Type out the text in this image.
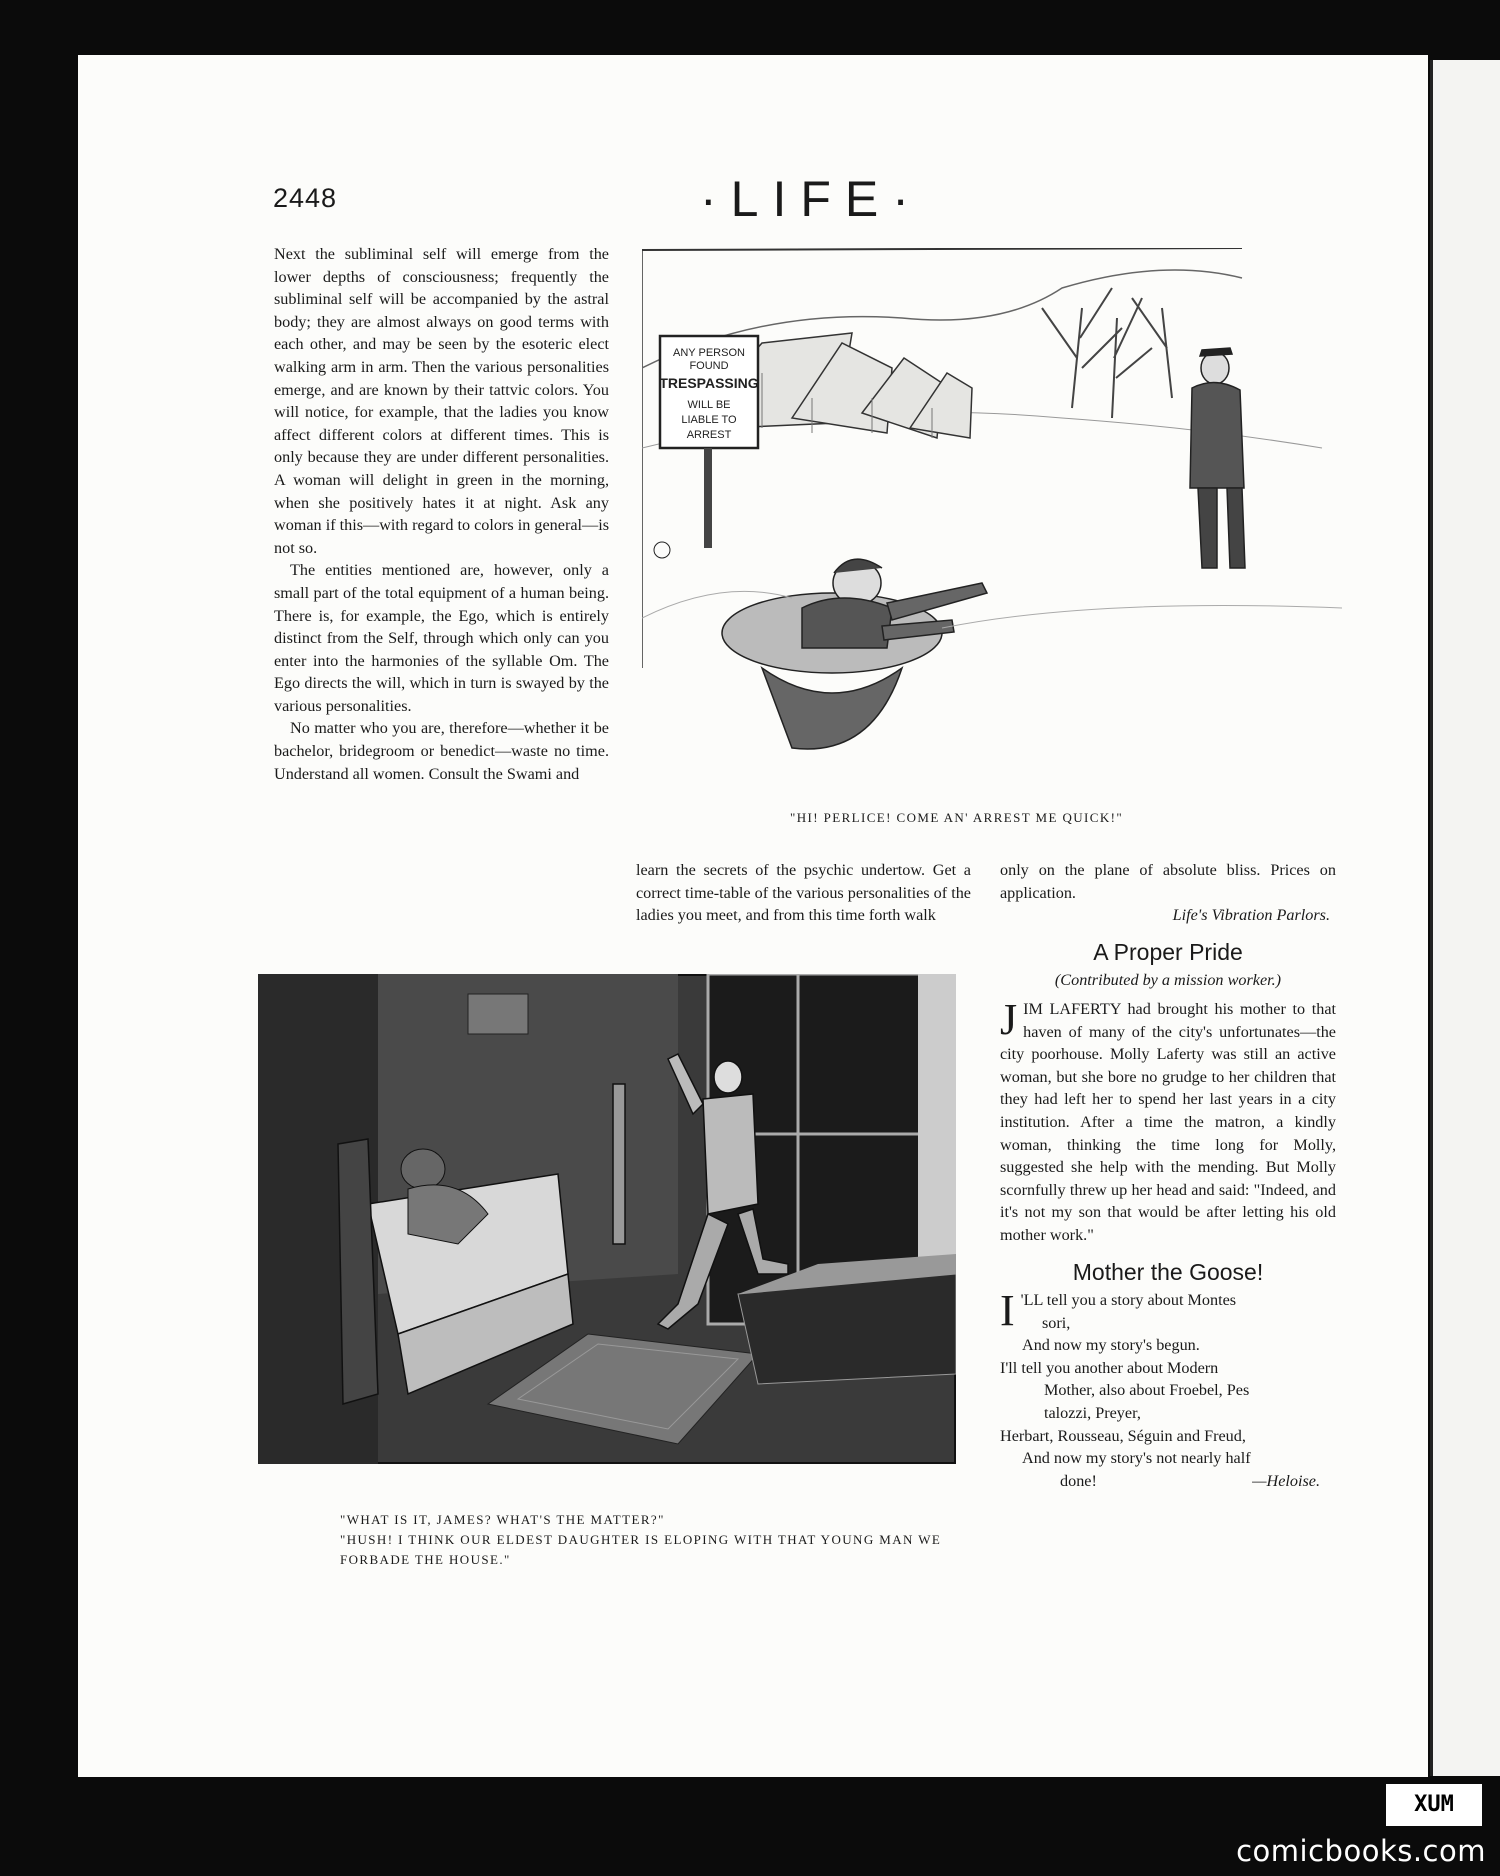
2448	·LIFE·

Next the subliminal self will emerge from the lower depths of consciousness; frequently the subliminal self will be accompanied by the astral body; they are almost always on good terms with each other, and may be seen by the esoteric elect walking arm in arm. Then the various personalities emerge, and are known by their tattvic colors. You will notice, for example, that the ladies you know affect different colors at different times. This is only because they are under different personalities. A woman will delight in green in the morning, when she positively hates it at night. Ask any woman if this—with regard to colors in general—is not so.

The entities mentioned are, however, only a small part of the total equipment of a human being. There is, for example, the Ego, which is entirely distinct from the Self, through which only can you enter into the harmonies of the syllable Om. The Ego directs the will, which in turn is swayed by the various personalities.

No matter who you are, therefore—whether it be bachelor, bridegroom or benedict—waste no time. Understand all women. Consult the Swami and

learn the secrets of the psychic undertow. Get a correct time-table of the various personalities of the ladies you meet, and from this time forth walk

only on the plane of absolute bliss. Prices on application.

Life's Vibration Parlors.
A Proper Pride
(Contributed by a mission worker.)

JIM LAFERTY had brought his mother to that haven of many of the city's unfortunates—the city poorhouse. Molly Laferty was still an active woman, but she bore no grudge to her children that they had left her to spend her last years in a city institution. After a time the matron, a kindly woman, thinking the time long for Molly, suggested she help with the mending. But Molly scornfully threw up her head and said: "Indeed, and it's not my son that would be after letting his old mother work."

Mother the Goose!
I 'LL tell you a story about Montes
sori,
And now my story's begun.
I'll tell you another about Modern
Mother, also about Froebel, Pes
talozzi, Preyer,
Herbart, Rousseau, Séguin and Freud,
And now my story's not nearly half
done!	—Heloise.
ANY PERSON
FOUND
TRESPASSING
WILL BE
LIABLE TO
ARREST
"HI! PERLICE! COME AN' ARREST ME QUICK!"
"WHAT IS IT, JAMES? WHAT'S THE MATTER?"
"HUSH! I THINK OUR ELDEST DAUGHTER IS ELOPING WITH THAT YOUNG MAN WE FORBADE THE HOUSE."
XUM
comicbooks.com
